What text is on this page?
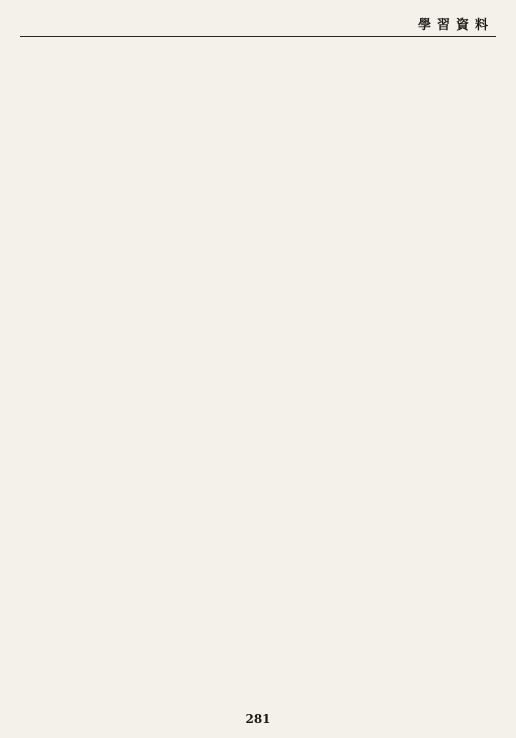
學習資料

281
